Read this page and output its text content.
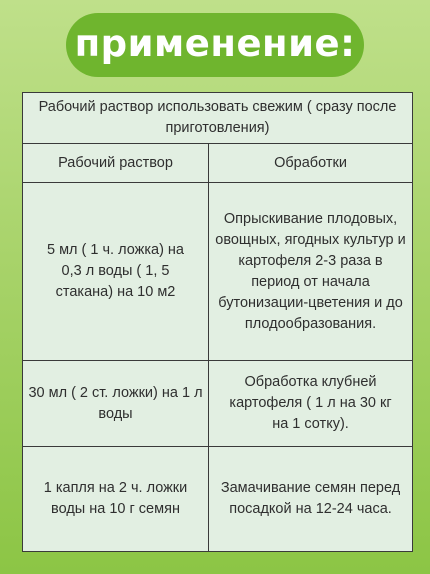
применение:
Рабочий раствор использовать свежим ( сразу после приготовления)	
Рабочий раствор	Обработки
5 мл ( 1 ч. ложка) на 0,3 л воды ( 1, 5 стакана) на 10 м2	Опрыскивание плодовых, овощных, ягодных культур и картофеля 2-3 раза в период от начала бутонизации-цветения и до плодообразования.
30 мл ( 2 ст. ложки) на 1 л воды	Обработка клубней картофеля ( 1 л на 30 кг на 1 сотку).
1 капля на 2 ч. ложки воды на 10 г семян	Замачивание семян перед посадкой на 12-24 часа.
